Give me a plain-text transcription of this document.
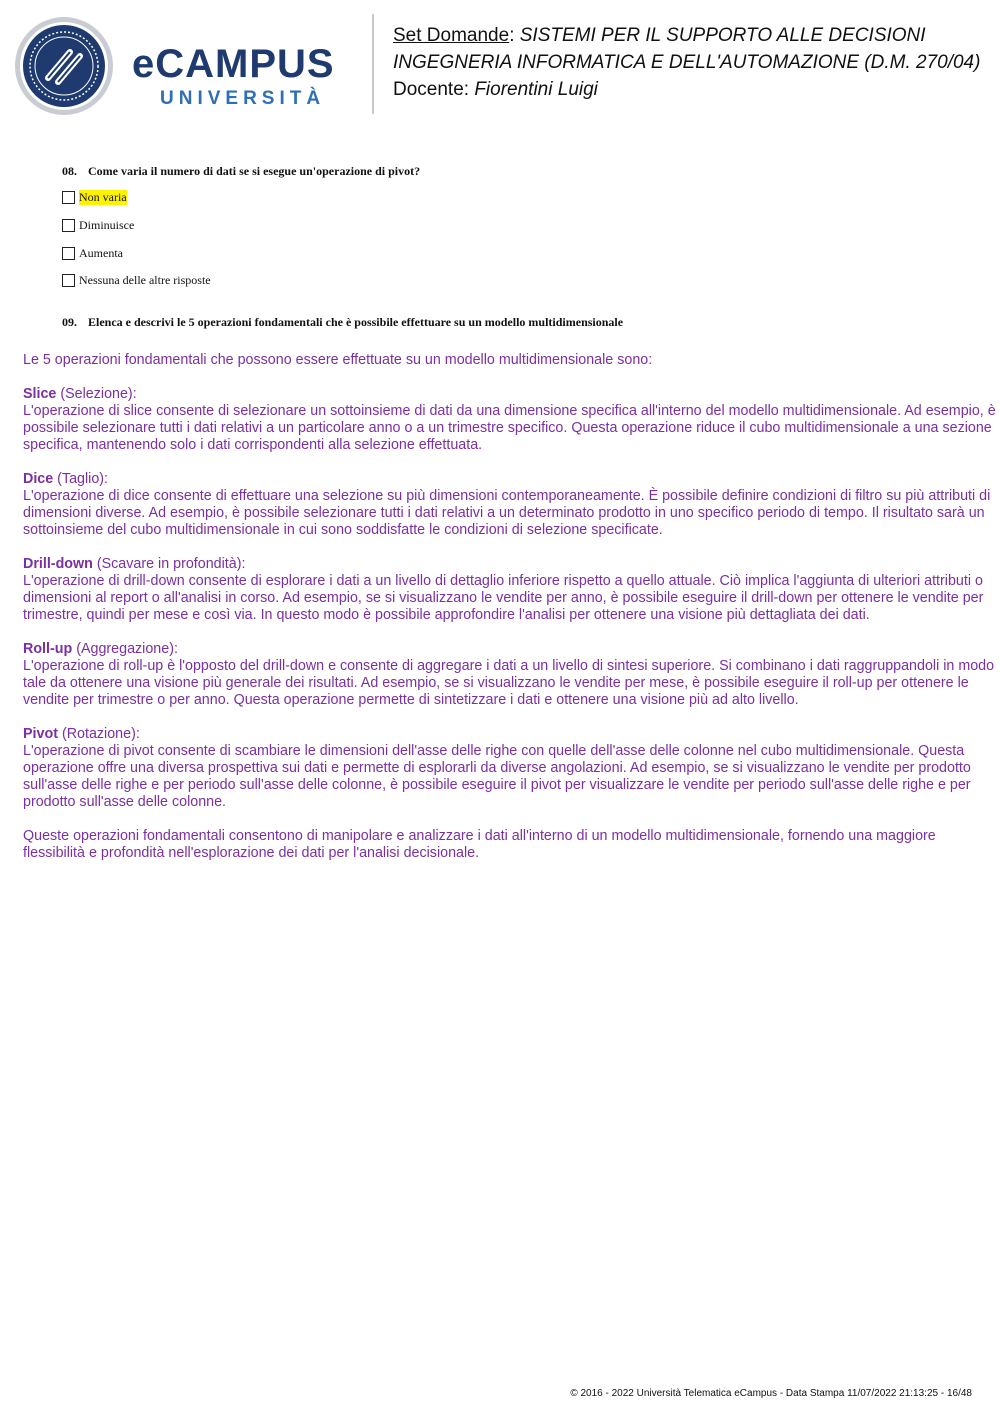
eCAMPUS
UNIVERSITÀ
Set Domande: SISTEMI PER IL SUPPORTO ALLE DECISIONI
INGEGNERIA INFORMATICA E DELL'AUTOMAZIONE (D.M. 270/04)
Docente: Fiorentini Luigi
08. Come varia il numero di dati se si esegue un'operazione di pivot?
Non varia
Diminuisce
Aumenta
Nessuna delle altre risposte
09. Elenca e descrivi le 5 operazioni fondamentali che è possibile effettuare su un modello multidimensionale

Le 5 operazioni fondamentali che possono essere effettuate su un modello multidimensionale sono:

Slice (Selezione):

L'operazione di slice consente di selezionare un sottoinsieme di dati da una dimensione specifica all'interno del modello multidimensionale. Ad esempio, è possibile selezionare tutti i dati relativi a un particolare anno o a un trimestre specifico. Questa operazione riduce il cubo multidimensionale a una sezione specifica, mantenendo solo i dati corrispondenti alla selezione effettuata.

Dice (Taglio):

L'operazione di dice consente di effettuare una selezione su più dimensioni contemporaneamente. È possibile definire condizioni di filtro su più attributi di dimensioni diverse. Ad esempio, è possibile selezionare tutti i dati relativi a un determinato prodotto in uno specifico periodo di tempo. Il risultato sarà un sottoinsieme del cubo multidimensionale in cui sono soddisfatte le condizioni di selezione specificate.

Drill-down (Scavare in profondità):

L'operazione di drill-down consente di esplorare i dati a un livello di dettaglio inferiore rispetto a quello attuale. Ciò implica l'aggiunta di ulteriori attributi o dimensioni al report o all'analisi in corso. Ad esempio, se si visualizzano le vendite per anno, è possibile eseguire il drill-down per ottenere le vendite per trimestre, quindi per mese e così via. In questo modo è possibile approfondire l'analisi per ottenere una visione più dettagliata dei dati.

Roll-up (Aggregazione):

L'operazione di roll-up è l'opposto del drill-down e consente di aggregare i dati a un livello di sintesi superiore. Si combinano i dati raggruppandoli in modo tale da ottenere una visione più generale dei risultati. Ad esempio, se si visualizzano le vendite per mese, è possibile eseguire il roll-up per ottenere le vendite per trimestre o per anno. Questa operazione permette di sintetizzare i dati e ottenere una visione più ad alto livello.

Pivot (Rotazione):

L'operazione di pivot consente di scambiare le dimensioni dell'asse delle righe con quelle dell'asse delle colonne nel cubo multidimensionale. Questa operazione offre una diversa prospettiva sui dati e permette di esplorarli da diverse angolazioni. Ad esempio, se si visualizzano le vendite per prodotto sull'asse delle righe e per periodo sull'asse delle colonne, è possibile eseguire il pivot per visualizzare le vendite per periodo sull'asse delle righe e per prodotto sull'asse delle colonne.

Queste operazioni fondamentali consentono di manipolare e analizzare i dati all'interno di un modello multidimensionale, fornendo una maggiore flessibilità e profondità nell'esplorazione dei dati per l'analisi decisionale.

© 2016 - 2022 Università Telematica eCampus - Data Stampa 11/07/2022 21:13:25 - 16/48
